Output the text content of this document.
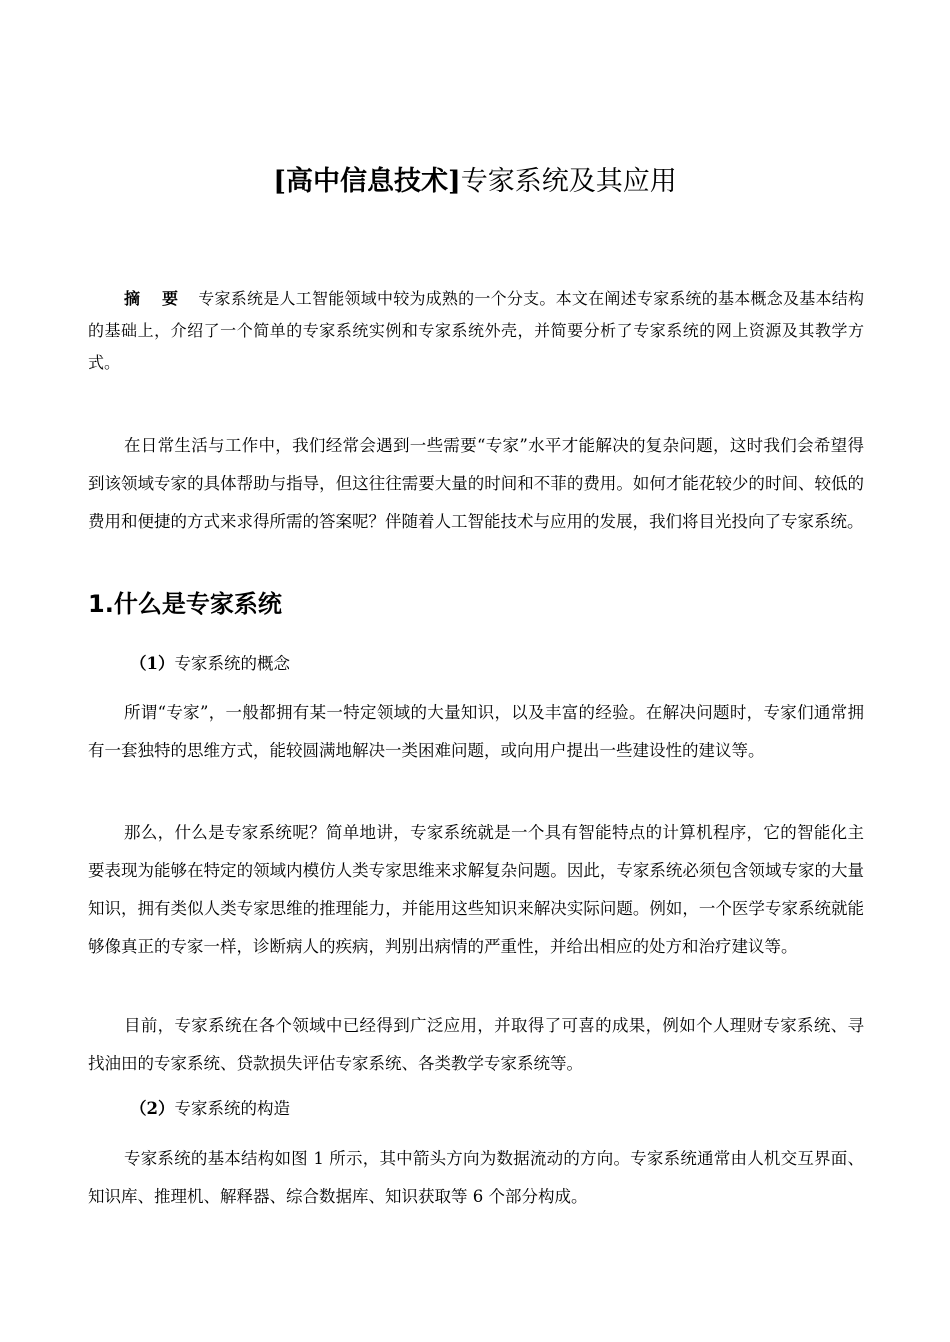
[高中信息技术]专家系统及其应用

摘 要 专家系统是人工智能领域中较为成熟的一个分支。本文在阐述专家系统的基本概念及基本结构的基础上，介绍了一个简单的专家系统实例和专家系统外壳，并简要分析了专家系统的网上资源及其教学方式。

在日常生活与工作中，我们经常会遇到一些需要“专家”水平才能解决的复杂问题，这时我们会希望得到该领域专家的具体帮助与指导，但这往往需要大量的时间和不菲的费用。如何才能花较少的时间、较低的费用和便捷的方式来求得所需的答案呢？伴随着人工智能技术与应用的发展，我们将目光投向了专家系统。

1.什么是专家系统
（1）专家系统的概念

所谓“专家”，一般都拥有某一特定领域的大量知识，以及丰富的经验。在解决问题时，专家们通常拥有一套独特的思维方式，能较圆满地解决一类困难问题，或向用户提出一些建设性的建议等。

那么，什么是专家系统呢？简单地讲，专家系统就是一个具有智能特点的计算机程序，它的智能化主要表现为能够在特定的领域内模仿人类专家思维来求解复杂问题。因此，专家系统必须包含领域专家的大量知识，拥有类似人类专家思维的推理能力，并能用这些知识来解决实际问题。例如，一个医学专家系统就能够像真正的专家一样，诊断病人的疾病，判别出病情的严重性，并给出相应的处方和治疗建议等。

目前，专家系统在各个领域中已经得到广泛应用，并取得了可喜的成果，例如个人理财专家系统、寻找油田的专家系统、贷款损失评估专家系统、各类教学专家系统等。

（2）专家系统的构造

专家系统的基本结构如图 1 所示，其中箭头方向为数据流动的方向。专家系统通常由人机交互界面、知识库、推理机、解释器、综合数据库、知识获取等 6 个部分构成。
